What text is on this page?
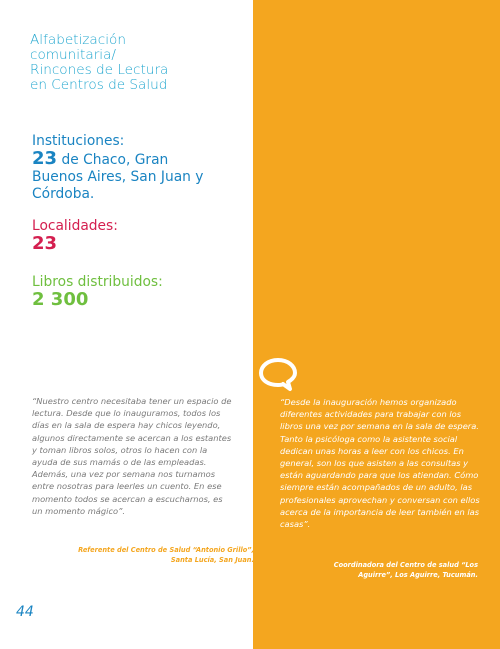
Alfabetización
comunitaria/
Rincones de Lectura
en Centros de Salud
Instituciones:
23 de Chaco, Gran
Buenos Aires, San Juan y
Córdoba.
Localidades:
23
Libros distribuidos:
2 300
“Nuestro centro necesitaba tener un espacio de lectura. Desde que lo inauguramos, todos los días en la sala de espera hay chicos leyendo, algunos directamente se acercan a los estantes y toman libros solos, otros lo hacen con la ayuda de sus mamás o de las empleadas. Además, una vez por semana nos turnamos entre nosotras para leerles un cuento. En ese momento todos se acercan a escucharnos, es un momento mágico”.
Referente del Centro de Salud “Antonio Grillo”,
Santa Lucía, San Juan.
“Desde la inauguración hemos organizado diferentes actividades para trabajar con los libros una vez por semana en la sala de espera. Tanto la psicóloga como la asistente social dedican unas horas a leer con los chicos. En general, son los que asisten a las consultas y están aguardando para que los atiendan. Cómo siempre están acompañados de un adulto, las profesionales aprovechan y conversan con ellos acerca de la importancia de leer también en las casas”.
Coordinadora del Centro de salud “Los
Aguirre”, Los Aguirre, Tucumán.
44
